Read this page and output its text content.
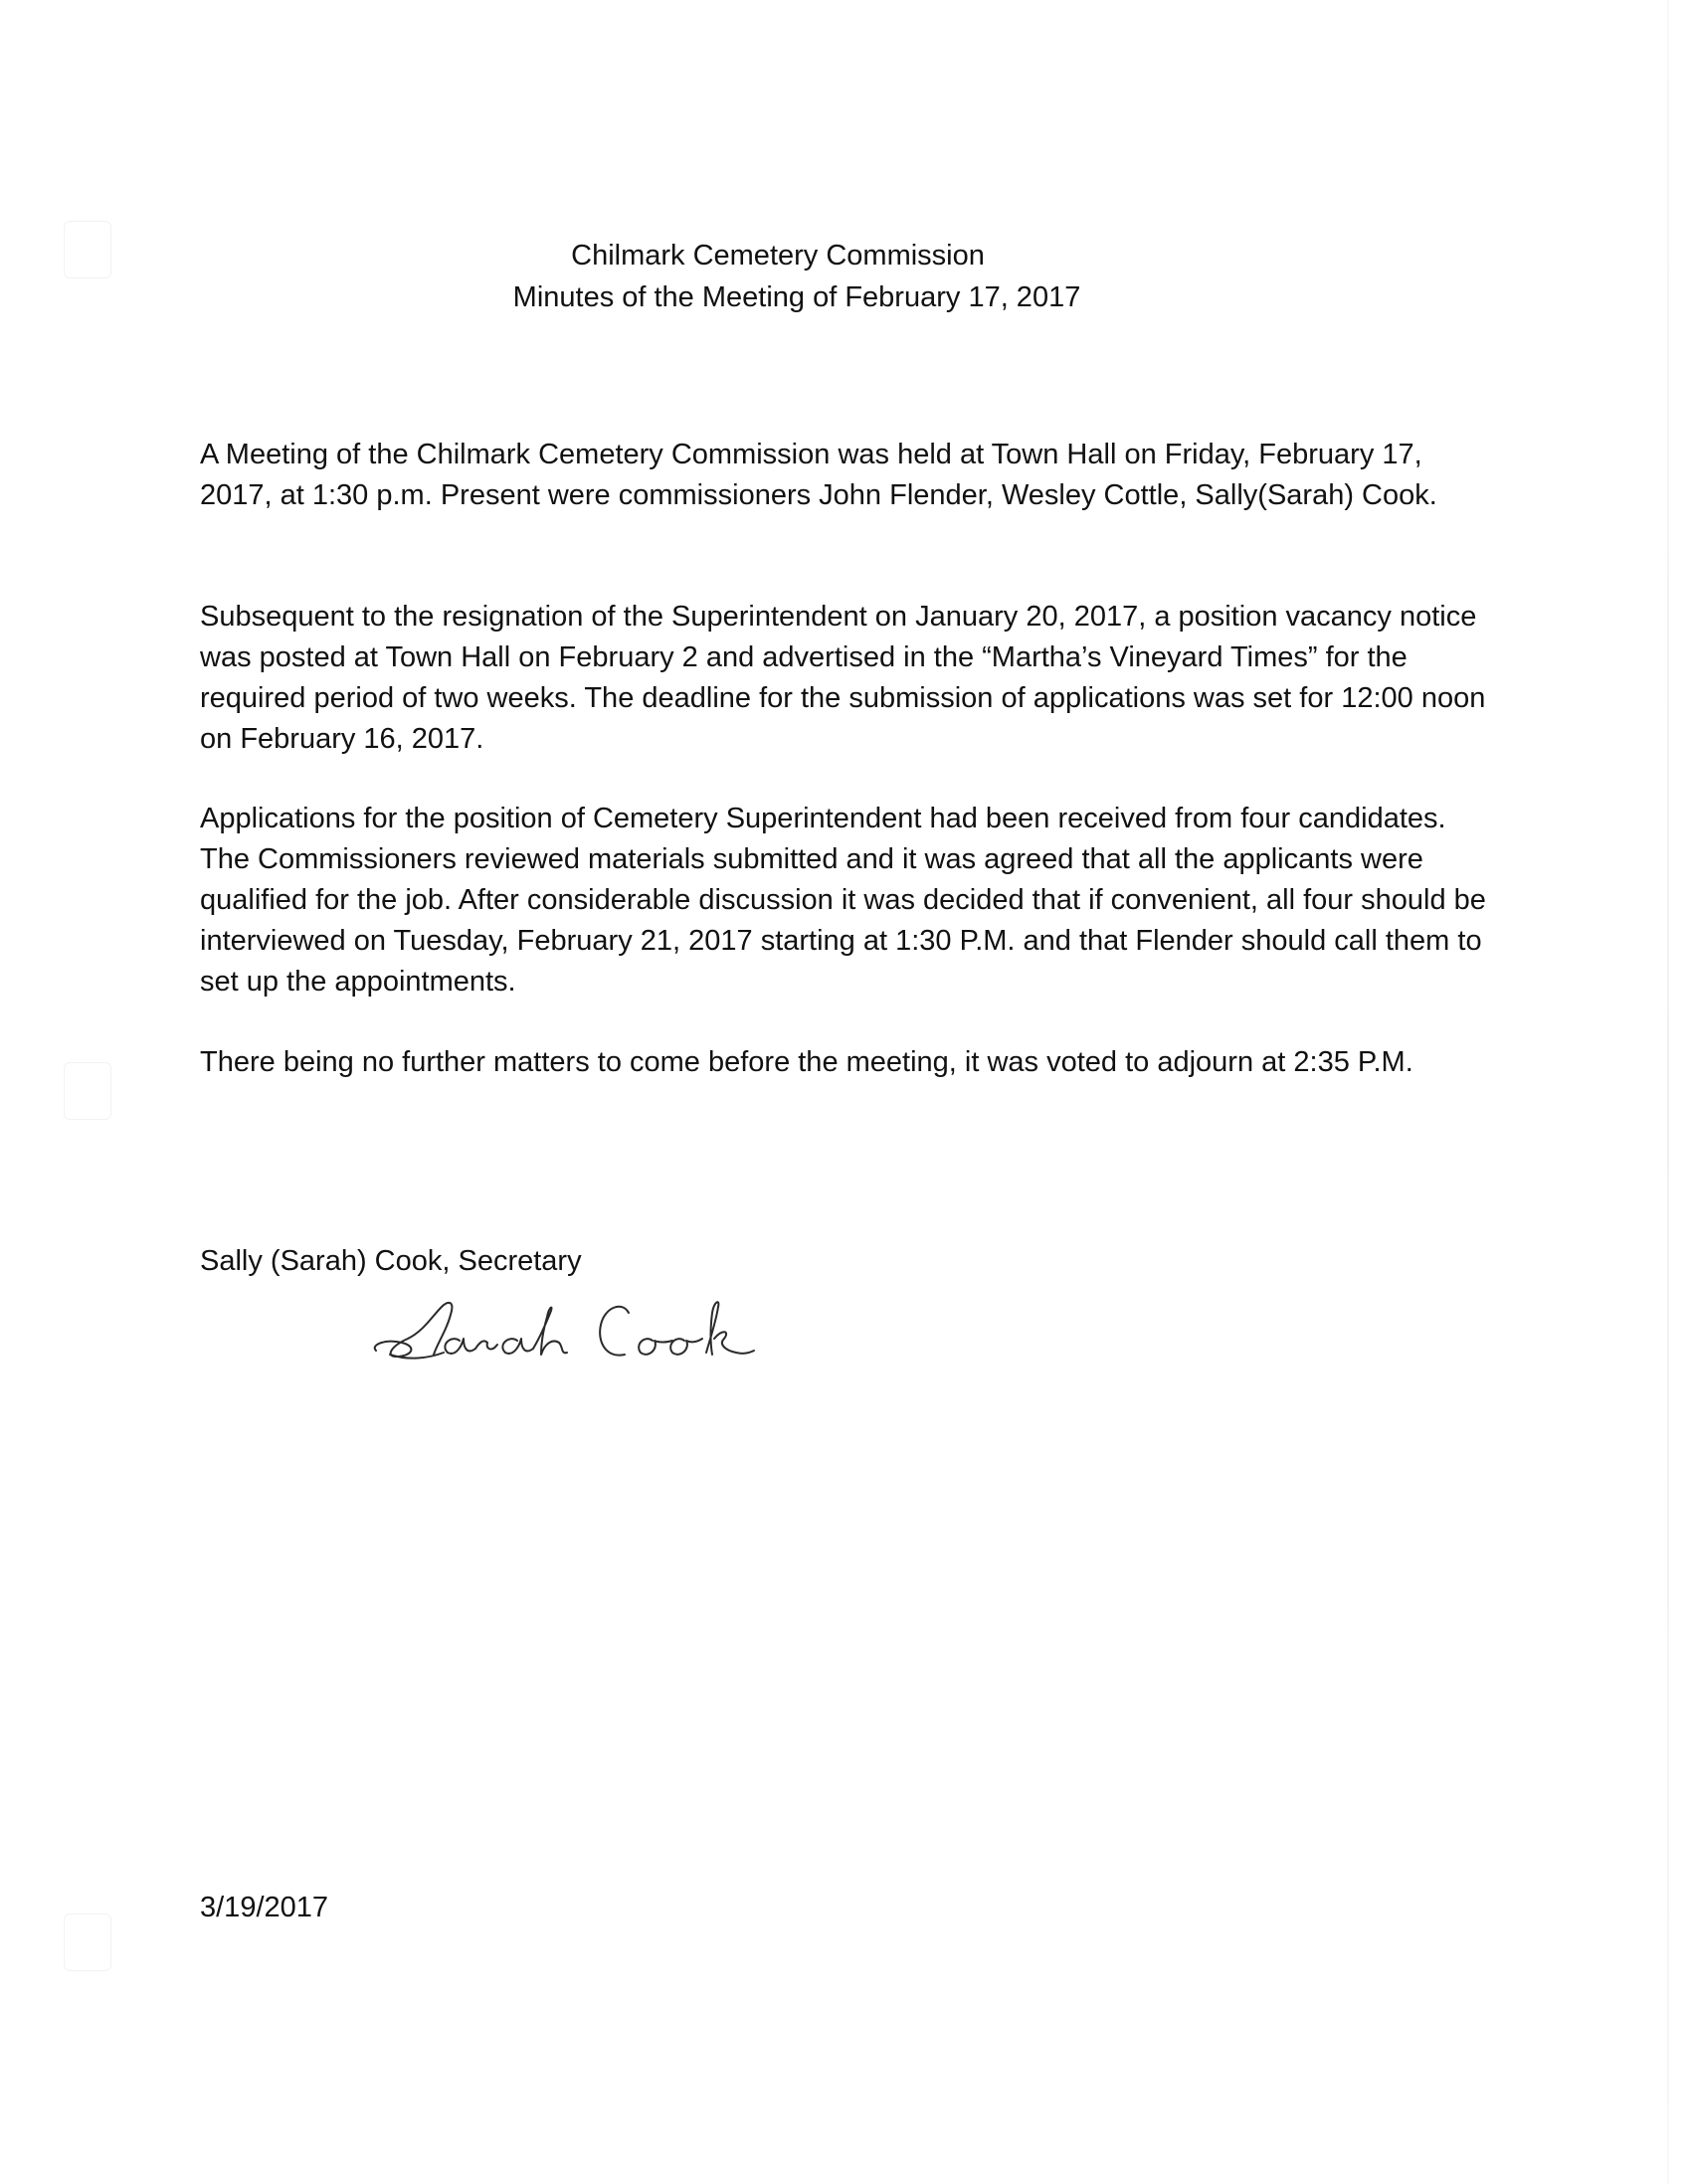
Chilmark Cemetery Commission
Minutes of the Meeting of February 17, 2017

A Meeting of the Chilmark Cemetery Commission was held at Town Hall on Friday, February 17, 2017, at 1:30 p.m. Present were commissioners John Flender, Wesley Cottle, Sally(Sarah) Cook.

Subsequent to the resignation of the Superintendent on January 20, 2017, a position vacancy notice was posted at Town Hall on February 2 and advertised in the “Martha’s Vineyard Times” for the required period of two weeks. The deadline for the submission of applications was set for 12:00 noon on February 16, 2017.

Applications for the position of Cemetery Superintendent had been received from four candidates. The Commissioners reviewed materials submitted and it was agreed that all the applicants were qualified for the job. After considerable discussion it was decided that if convenient, all four should be interviewed on Tuesday, February 21, 2017 starting at 1:30 P.M. and that Flender should call them to set up the appointments.

There being no further matters to come before the meeting, it was voted to adjourn at 2:35 P.M.

Sally (Sarah) Cook, Secretary
3/19/2017
